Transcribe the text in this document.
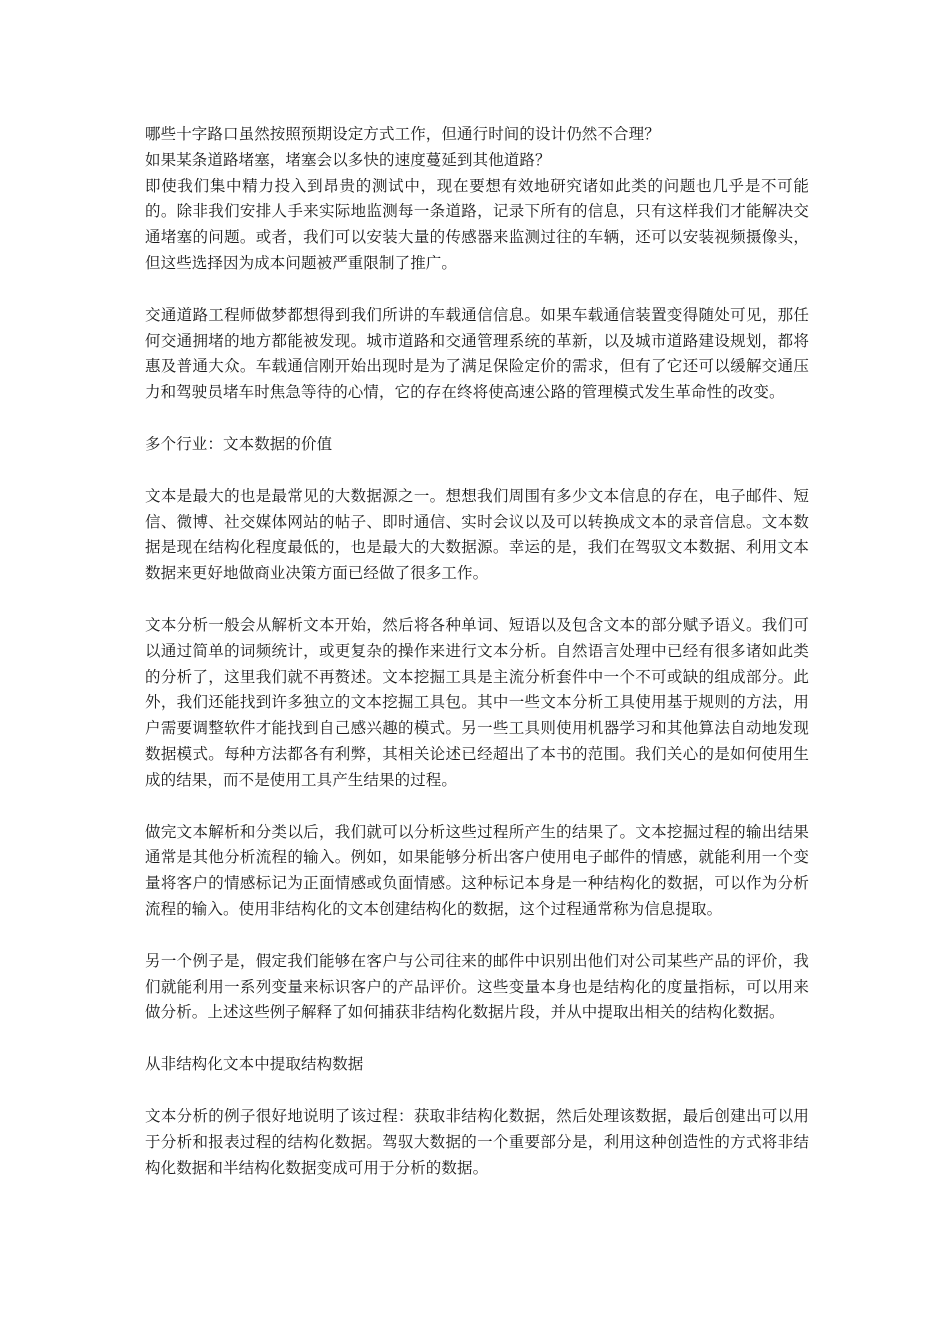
哪些十字路口虽然按照预期设定方式工作，但通行时间的设计仍然不合理？

如果某条道路堵塞，堵塞会以多快的速度蔓延到其他道路？

即使我们集中精力投入到昂贵的测试中，现在要想有效地研究诸如此类的问题也几乎是不可能的。除非我们安排人手来实际地监测每一条道路，记录下所有的信息，只有这样我们才能解决交通堵塞的问题。或者，我们可以安装大量的传感器来监测过往的车辆，还可以安装视频摄像头，但这些选择因为成本问题被严重限制了推广。

交通道路工程师做梦都想得到我们所讲的车载通信信息。如果车载通信装置变得随处可见，那任何交通拥堵的地方都能被发现。城市道路和交通管理系统的革新，以及城市道路建设规划，都将惠及普通大众。车载通信刚开始出现时是为了满足保险定价的需求，但有了它还可以缓解交通压力和驾驶员堵车时焦急等待的心情，它的存在终将使高速公路的管理模式发生革命性的改变。

多个行业：文本数据的价值

文本是最大的也是最常见的大数据源之一。想想我们周围有多少文本信息的存在，电子邮件、短信、微博、社交媒体网站的帖子、即时通信、实时会议以及可以转换成文本的录音信息。文本数据是现在结构化程度最低的，也是最大的大数据源。幸运的是，我们在驾驭文本数据、利用文本数据来更好地做商业决策方面已经做了很多工作。

文本分析一般会从解析文本开始，然后将各种单词、短语以及包含文本的部分赋予语义。我们可以通过简单的词频统计，或更复杂的操作来进行文本分析。自然语言处理中已经有很多诸如此类的分析了，这里我们就不再赘述。文本挖掘工具是主流分析套件中一个不可或缺的组成部分。此外，我们还能找到许多独立的文本挖掘工具包。其中一些文本分析工具使用基于规则的方法，用户需要调整软件才能找到自己感兴趣的模式。另一些工具则使用机器学习和其他算法自动地发现数据模式。每种方法都各有利弊，其相关论述已经超出了本书的范围。我们关心的是如何使用生成的结果，而不是使用工具产生结果的过程。

做完文本解析和分类以后，我们就可以分析这些过程所产生的结果了。文本挖掘过程的输出结果通常是其他分析流程的输入。例如，如果能够分析出客户使用电子邮件的情感，就能利用一个变量将客户的情感标记为正面情感或负面情感。这种标记本身是一种结构化的数据，可以作为分析流程的输入。使用非结构化的文本创建结构化的数据，这个过程通常称为信息提取。

另一个例子是，假定我们能够在客户与公司往来的邮件中识别出他们对公司某些产品的评价，我们就能利用一系列变量来标识客户的产品评价。这些变量本身也是结构化的度量指标，可以用来做分析。上述这些例子解释了如何捕获非结构化数据片段，并从中提取出相关的结构化数据。

从非结构化文本中提取结构数据

文本分析的例子很好地说明了该过程：获取非结构化数据，然后处理该数据，最后创建出可以用于分析和报表过程的结构化数据。驾驭大数据的一个重要部分是，利用这种创造性的方式将非结构化数据和半结构化数据变成可用于分析的数据。
